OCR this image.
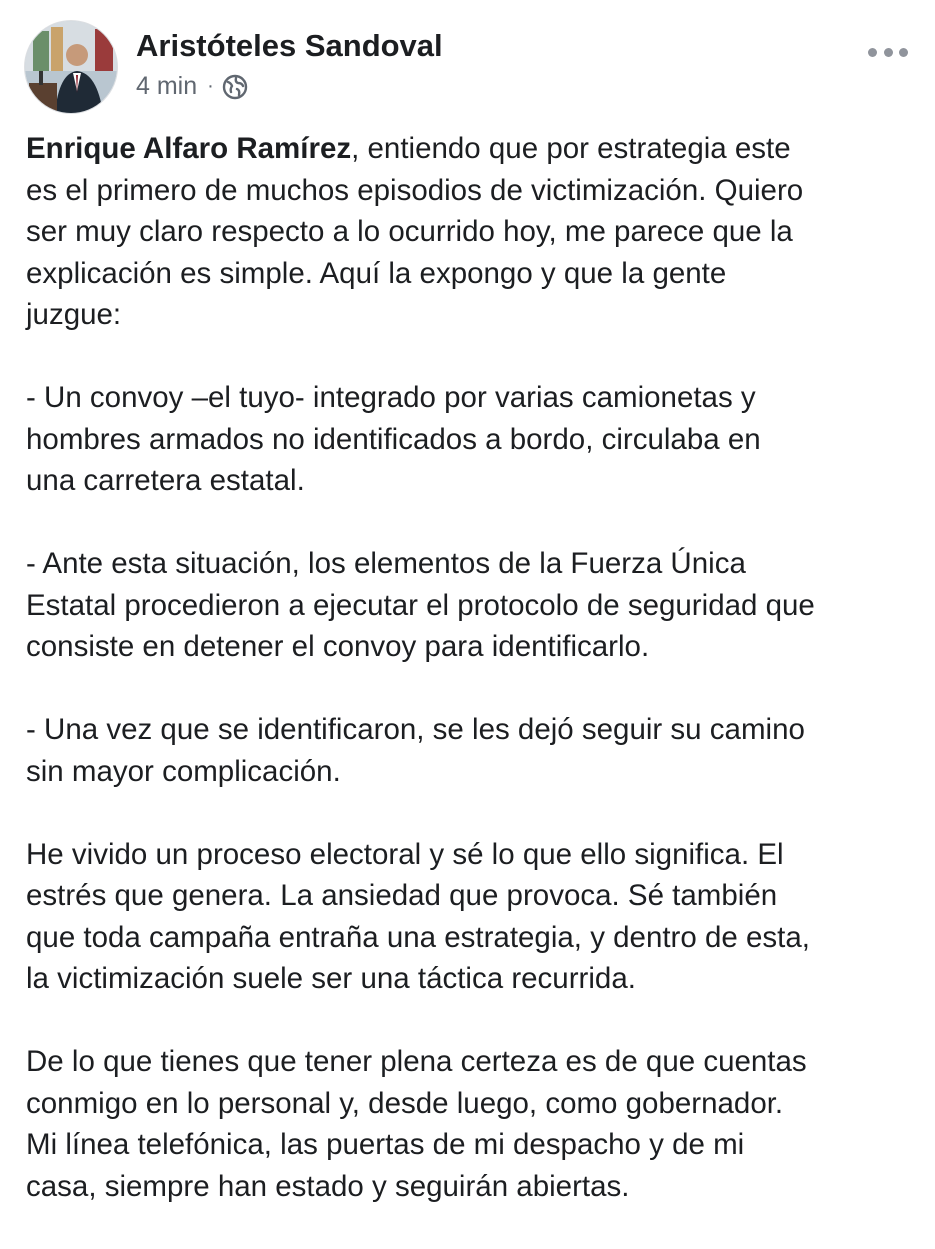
Aristóteles Sandoval
4 min ·

Enrique Alfaro Ramírez, entiendo que por estrategia este
es el primero de muchos episodios de victimización. Quiero
ser muy claro respecto a lo ocurrido hoy, me parece que la
explicación es simple. Aquí la expongo y que la gente
juzgue:

- Un convoy –el tuyo- integrado por varias camionetas y
hombres armados no identificados a bordo, circulaba en
una carretera estatal.

- Ante esta situación, los elementos de la Fuerza Única
Estatal procedieron a ejecutar el protocolo de seguridad que
consiste en detener el convoy para identificarlo.

- Una vez que se identificaron, se les dejó seguir su camino
sin mayor complicación.

He vivido un proceso electoral y sé lo que ello significa. El
estrés que genera. La ansiedad que provoca. Sé también
que toda campaña entraña una estrategia, y dentro de esta,
la victimización suele ser una táctica recurrida.

De lo que tienes que tener plena certeza es de que cuentas
conmigo en lo personal y, desde luego, como gobernador.
Mi línea telefónica, las puertas de mi despacho y de mi
casa, siempre han estado y seguirán abiertas.
